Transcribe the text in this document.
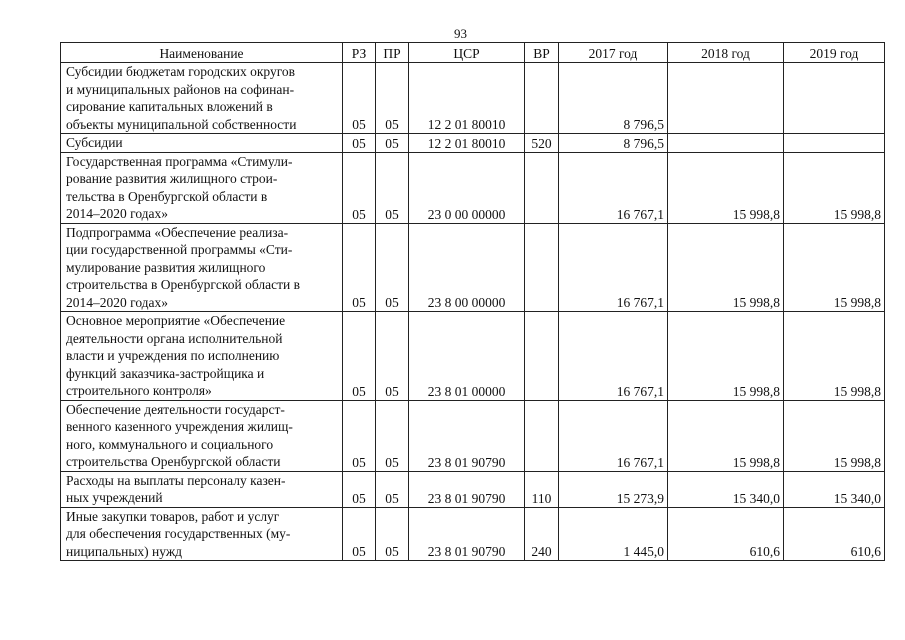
93
Наименование	РЗ	ПР	ЦСР	ВР	2017 год	2018 год	2019 год

Субсидии бюджетам городских округов
и муниципальных районов на софинан-
сирование капитальных вложений в
объекты муниципальной собственности	05	05	12 2 01 80010		8 796,5		

Субсидии	05	05	12 2 01 80010	520	8 796,5		

Государственная программа «Стимули-
рование развития жилищного строи-
тельства в Оренбургской области в
2014–2020 годах»	05	05	23 0 00 00000		16 767,1	15 998,8	15 998,8

Подпрограмма «Обеспечение реализа-
ции государственной программы «Сти-
мулирование развития жилищного
строительства в Оренбургской области в
2014–2020 годах»	05	05	23 8 00 00000		16 767,1	15 998,8	15 998,8

Основное мероприятие «Обеспечение
деятельности органа исполнительной
власти и учреждения по исполнению
функций заказчика-застройщика и
строительного контроля»	05	05	23 8 01 00000		16 767,1	15 998,8	15 998,8

Обеспечение деятельности государст-
венного казенного учреждения жилищ-
ного, коммунального и социального
строительства Оренбургской области	05	05	23 8 01 90790		16 767,1	15 998,8	15 998,8

Расходы на выплаты персоналу казен-
ных учреждений	05	05	23 8 01 90790	110	15 273,9	15 340,0	15 340,0

Иные закупки товаров, работ и услуг
для обеспечения государственных (му-
ниципальных) нужд	05	05	23 8 01 90790	240	1 445,0	610,6	610,6
